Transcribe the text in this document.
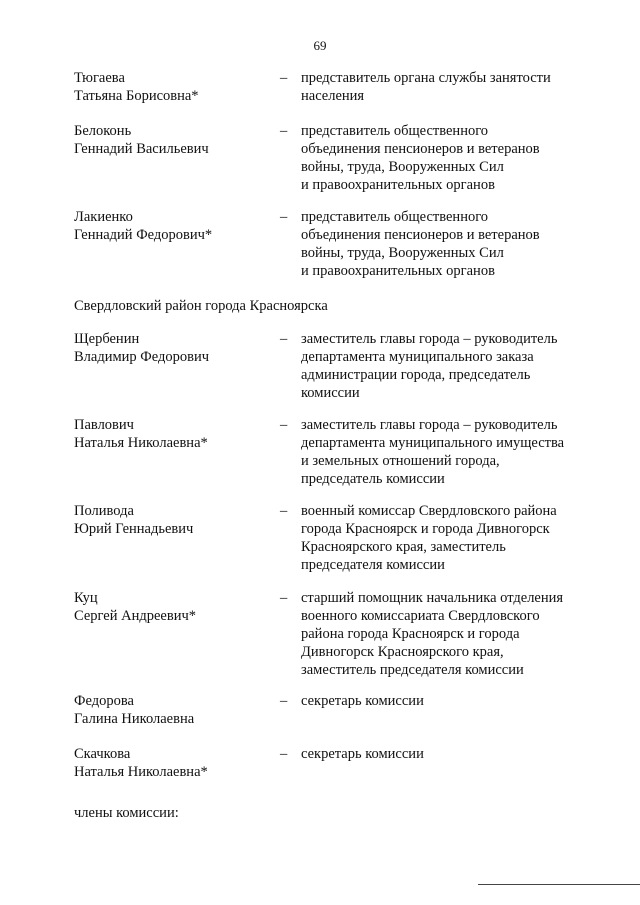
69
Тюгаева
Татьяна Борисовна*
– представитель органа службы занятости
населения
Белоконь
Геннадий Васильевич
– представитель общественного
объединения пенсионеров и ветеранов
войны, труда, Вооруженных Сил
и правоохранительных органов
Лакиенко
Геннадий Федорович*
– представитель общественного
объединения пенсионеров и ветеранов
войны, труда, Вооруженных Сил
и правоохранительных органов
Свердловский район города Красноярска
Щербенин
Владимир Федорович
– заместитель главы города – руководитель
департамента муниципального заказа
администрации города, председатель
комиссии
Павлович
Наталья Николаевна*
– заместитель главы города – руководитель
департамента муниципального имущества
и земельных отношений города,
председатель комиссии
Поливода
Юрий Геннадьевич
– военный комиссар Свердловского района
города Красноярск и города Дивногорск
Красноярского края, заместитель
председателя комиссии
Куц
Сергей Андреевич*
– старший помощник начальника отделения
военного комиссариата Свердловского
района города Красноярск и города
Дивногорск Красноярского края,
заместитель председателя комиссии
Федорова
Галина Николаевна
– секретарь комиссии
Скачкова
Наталья Николаевна*
– секретарь комиссии
члены комиссии:
